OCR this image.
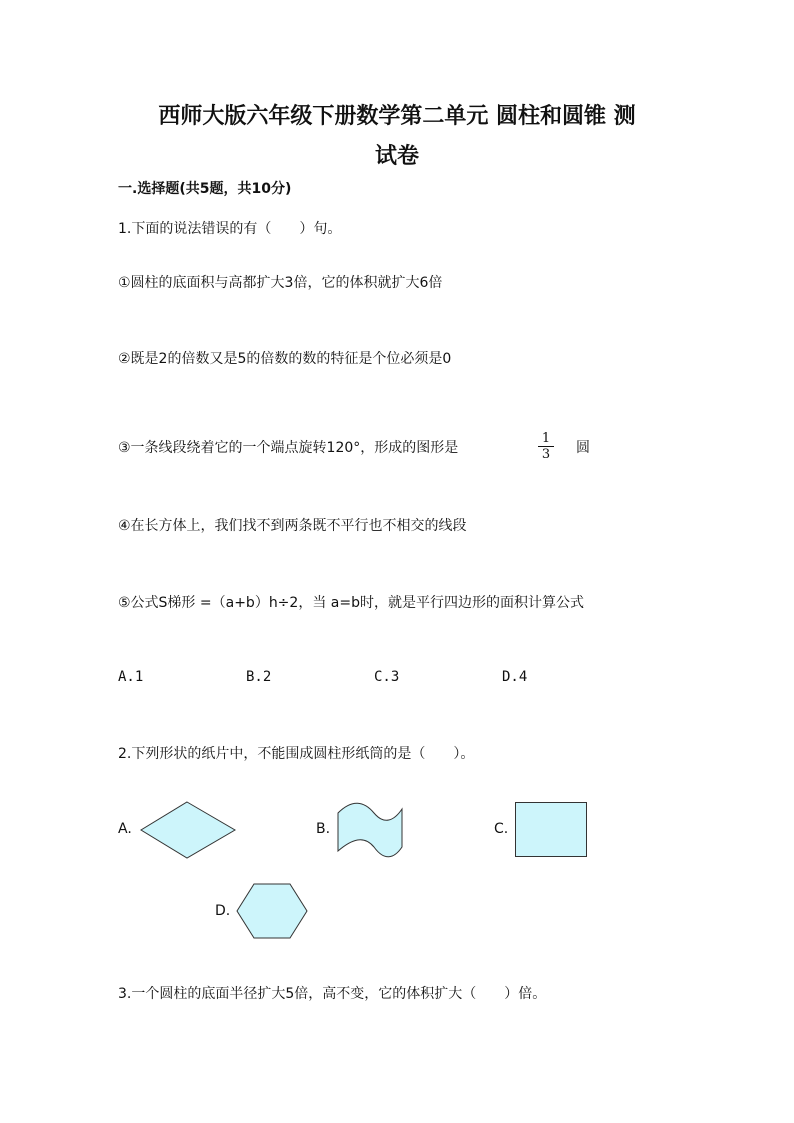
西师大版六年级下册数学第二单元 圆柱和圆锥 测
试卷
一.选择题(共5题，共10分)
1.下面的说法错误的有（　　）句。
①圆柱的底面积与高都扩大3倍，它的体积就扩大6倍
②既是2的倍数又是5的倍数的数的特征是个位必须是0
③一条线段绕着它的一个端点旋转120°，形成的图形是	$\frac{1}{3}$ 圆
④在长方体上，我们找不到两条既不平行也不相交的线段
⑤公式S梯形 =（a+b）h÷2，当 a=b时，就是平行四边形的面积计算公式
A.1	B.2	C.3	D.4
2.下列形状的纸片中，不能围成圆柱形纸筒的是（　　）。
A.	B.	C.
D.
3.一个圆柱的底面半径扩大5倍，高不变，它的体积扩大（　　）倍。
